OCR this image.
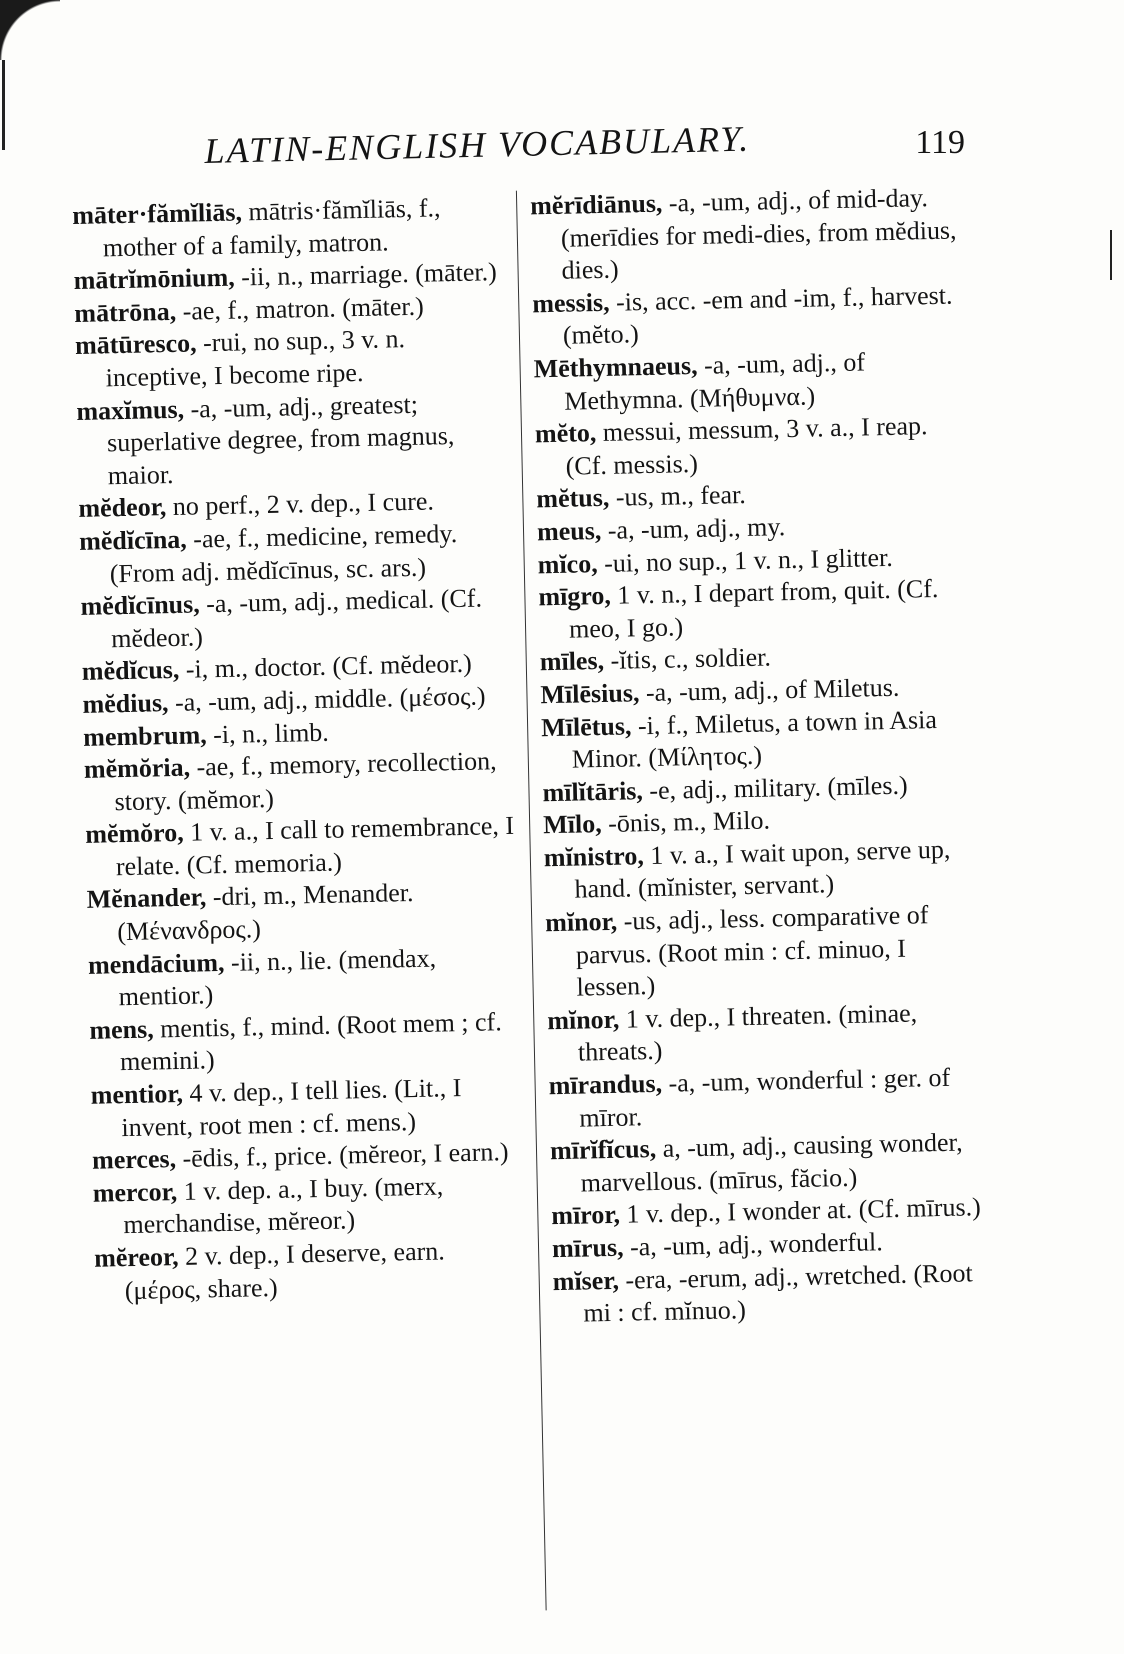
LATIN-ENGLISH VOCABULARY.	119

māter·fămĭliās, mātris·fămĭliās, f., mother of a family, matron.

mātrĭmōnium, -ii, n., marriage. (māter.)

mātrōna, -ae, f., matron. (māter.)

mātūresco, -rui, no sup., 3 v. n. inceptive, I become ripe.

maxĭmus, -a, -um, adj., greatest; superlative degree, from magnus, maior.

mĕdeor, no perf., 2 v. dep., I cure.

mĕdĭcīna, -ae, f., medicine, remedy. (From adj. mĕdĭcīnus, sc. ars.)

mĕdĭcīnus, -a, -um, adj., medical. (Cf. mĕdeor.)

mĕdĭcus, -i, m., doctor. (Cf. mĕdeor.)

mĕdius, -a, -um, adj., middle. (μέσος.)

membrum, -i, n., limb.

mĕmŏria, -ae, f., memory, recollection, story. (mĕmor.)

mĕmŏro, 1 v. a., I call to remembrance, I relate. (Cf. memoria.)

Mĕnander, -dri, m., Menander. (Μένανδρος.)

mendācium, -ii, n., lie. (mendax, mentior.)

mens, mentis, f., mind. (Root mem ; cf. memini.)

mentior, 4 v. dep., I tell lies. (Lit., I invent, root men : cf. mens.)

merces, -ēdis, f., price. (mĕreor, I earn.)

mercor, 1 v. dep. a., I buy. (merx, merchandise, mĕreor.)

mĕreor, 2 v. dep., I deserve, earn. (μέρος, share.)

mĕrīdiānus, -a, -um, adj., of mid-day. (merīdies for medi-dies, from mĕdius, dies.)

messis, -is, acc. -em and -im, f., harvest. (mĕto.)

Mēthymnaeus, -a, -um, adj., of Methymna. (Μήθυμνα.)

mĕto, messui, messum, 3 v. a., I reap. (Cf. messis.)

mĕtus, -us, m., fear.

meus, -a, -um, adj., my.

mĭco, -ui, no sup., 1 v. n., I glitter.

mīgro, 1 v. n., I depart from, quit. (Cf. meo, I go.)

mīles, -ĭtis, c., soldier.

Mīlēsius, -a, -um, adj., of Miletus.

Mīlētus, -i, f., Miletus, a town in Asia Minor. (Μίλητος.)

mīlĭtāris, -e, adj., military. (mīles.)

Mīlo, -ōnis, m., Milo.

mĭnistro, 1 v. a., I wait upon, serve up, hand. (mĭnister, servant.)

mĭnor, -us, adj., less. comparative of parvus. (Root min : cf. minuo, I lessen.)

mĭnor, 1 v. dep., I threaten. (minae, threats.)

mīrandus, -a, -um, wonderful : ger. of mīror.

mīrĭfĭcus, a, -um, adj., causing wonder, marvellous. (mīrus, făcio.)

mīror, 1 v. dep., I wonder at. (Cf. mīrus.)

mīrus, -a, -um, adj., wonderful.

mĭser, -era, -erum, adj., wretched. (Root mi : cf. mĭnuo.)
